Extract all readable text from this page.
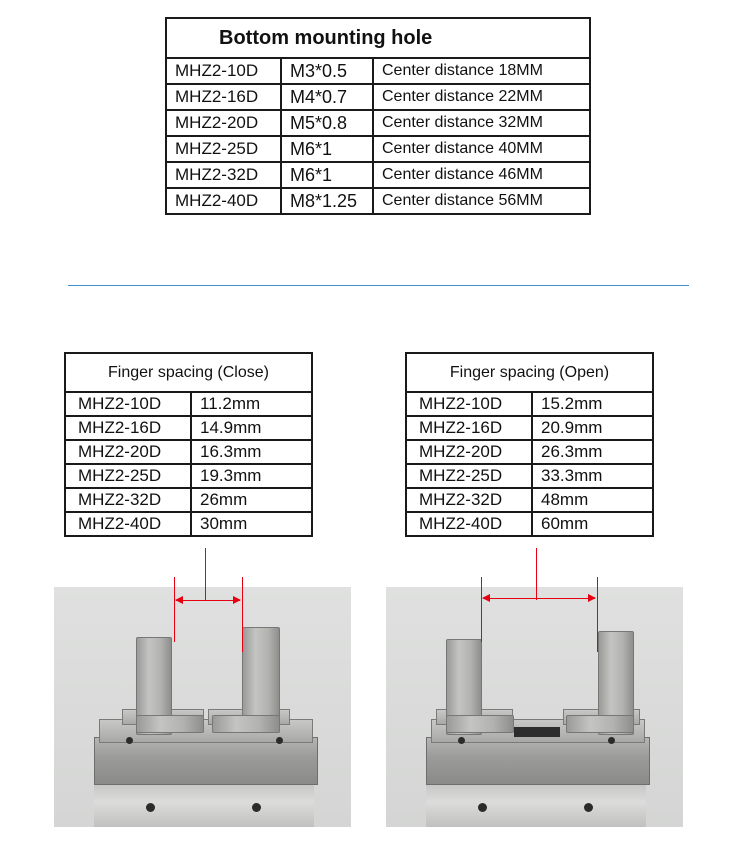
Bottom mounting hole		
MHZ2-10D	M3*0.5	Center distance 18MM
MHZ2-16D	M4*0.7	Center distance 22MM
MHZ2-20D	M5*0.8	Center distance 32MM
MHZ2-25D	M6*1	Center distance 40MM
MHZ2-32D	M6*1	Center distance 46MM
MHZ2-40D	M8*1.25	Center distance 56MM
Finger spacing (Close)	
MHZ2-10D	11.2mm
MHZ2-16D	14.9mm
MHZ2-20D	16.3mm
MHZ2-25D	19.3mm
MHZ2-32D	26mm
MHZ2-40D	30mm
Finger spacing (Open)	
MHZ2-10D	15.2mm
MHZ2-16D	20.9mm
MHZ2-20D	26.3mm
MHZ2-25D	33.3mm
MHZ2-32D	48mm
MHZ2-40D	60mm
